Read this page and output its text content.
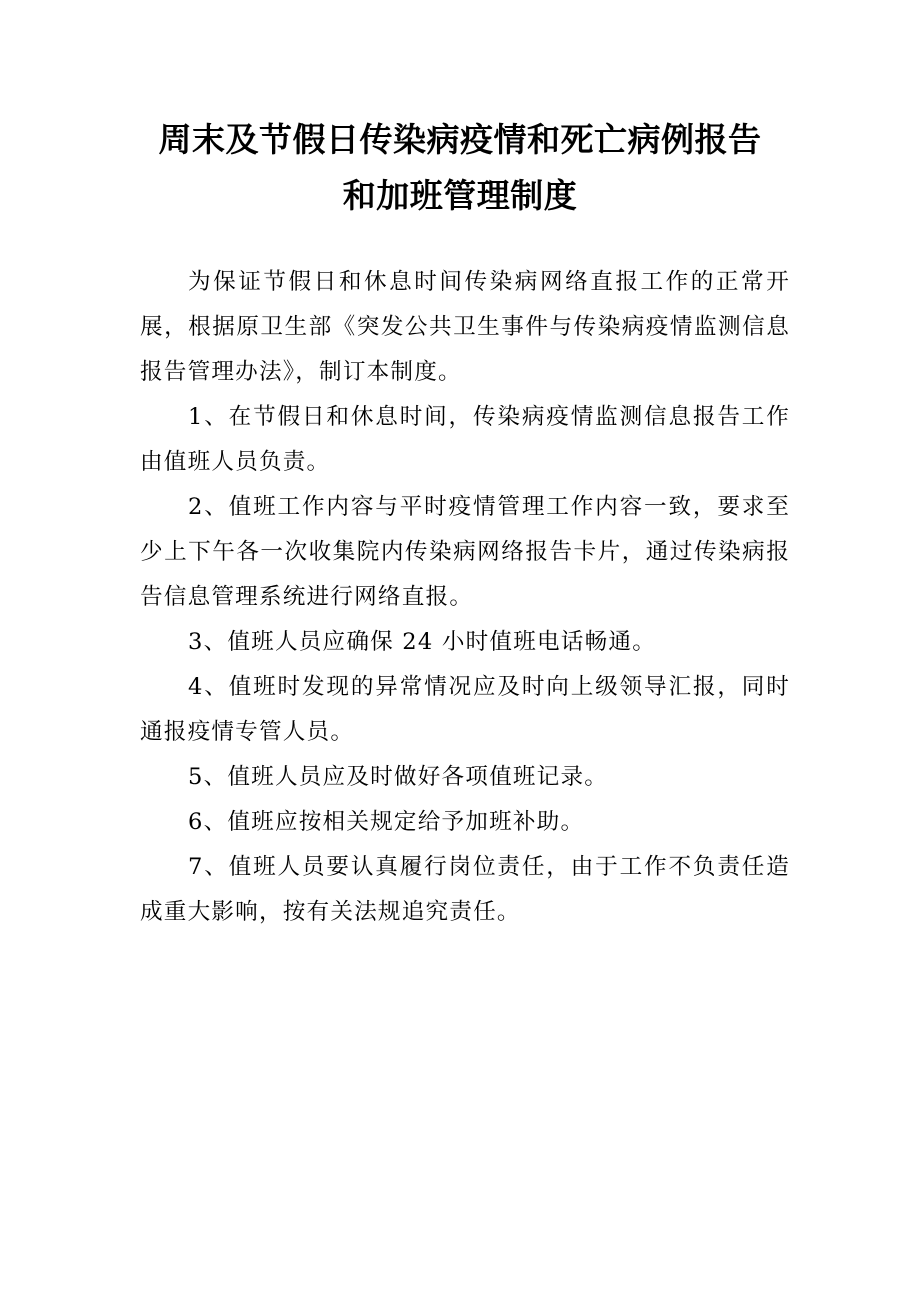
周末及节假日传染病疫情和死亡病例报告
和加班管理制度

为保证节假日和休息时间传染病网络直报工作的正常开展，根据原卫生部《突发公共卫生事件与传染病疫情监测信息报告管理办法》，制订本制度。

1、在节假日和休息时间，传染病疫情监测信息报告工作由值班人员负责。

2、值班工作内容与平时疫情管理工作内容一致，要求至少上下午各一次收集院内传染病网络报告卡片，通过传染病报告信息管理系统进行网络直报。

3、值班人员应确保 24 小时值班电话畅通。

4、值班时发现的异常情况应及时向上级领导汇报，同时通报疫情专管人员。

5、值班人员应及时做好各项值班记录。

6、值班应按相关规定给予加班补助。

7、值班人员要认真履行岗位责任，由于工作不负责任造成重大影响，按有关法规追究责任。
